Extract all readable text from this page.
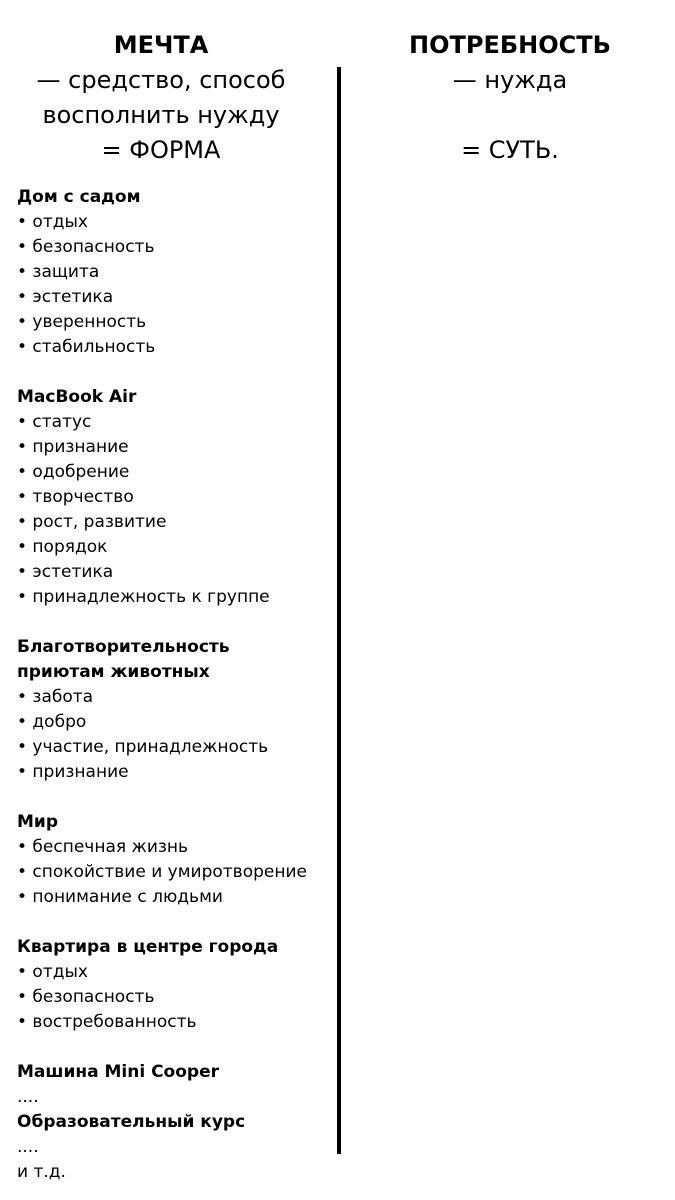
МЕЧТА
— средство, способ
восполнить нужду
= ФОРМА
ПОТРЕБНОСТЬ
— нужда
= СУТЬ.
Дом с садом
• отдых
• безопасность
• защита
• эстетика
• уверенность
• стабильность
MacBook Air
• статус
• признание
• одобрение
• творчество
• рост, развитие
• порядок
• эстетика
• принадлежность к группе
Благотворительность
приютам животных
• забота
• добро
• участие, принадлежность
• признание
Мир
• беспечная жизнь
• спокойствие и умиротворение
• понимание с людьми
Квартира в центре города
• отдых
• безопасность
• востребованность
Машина Mini Cooper
....
Образовательный курс
....
и т.д.
